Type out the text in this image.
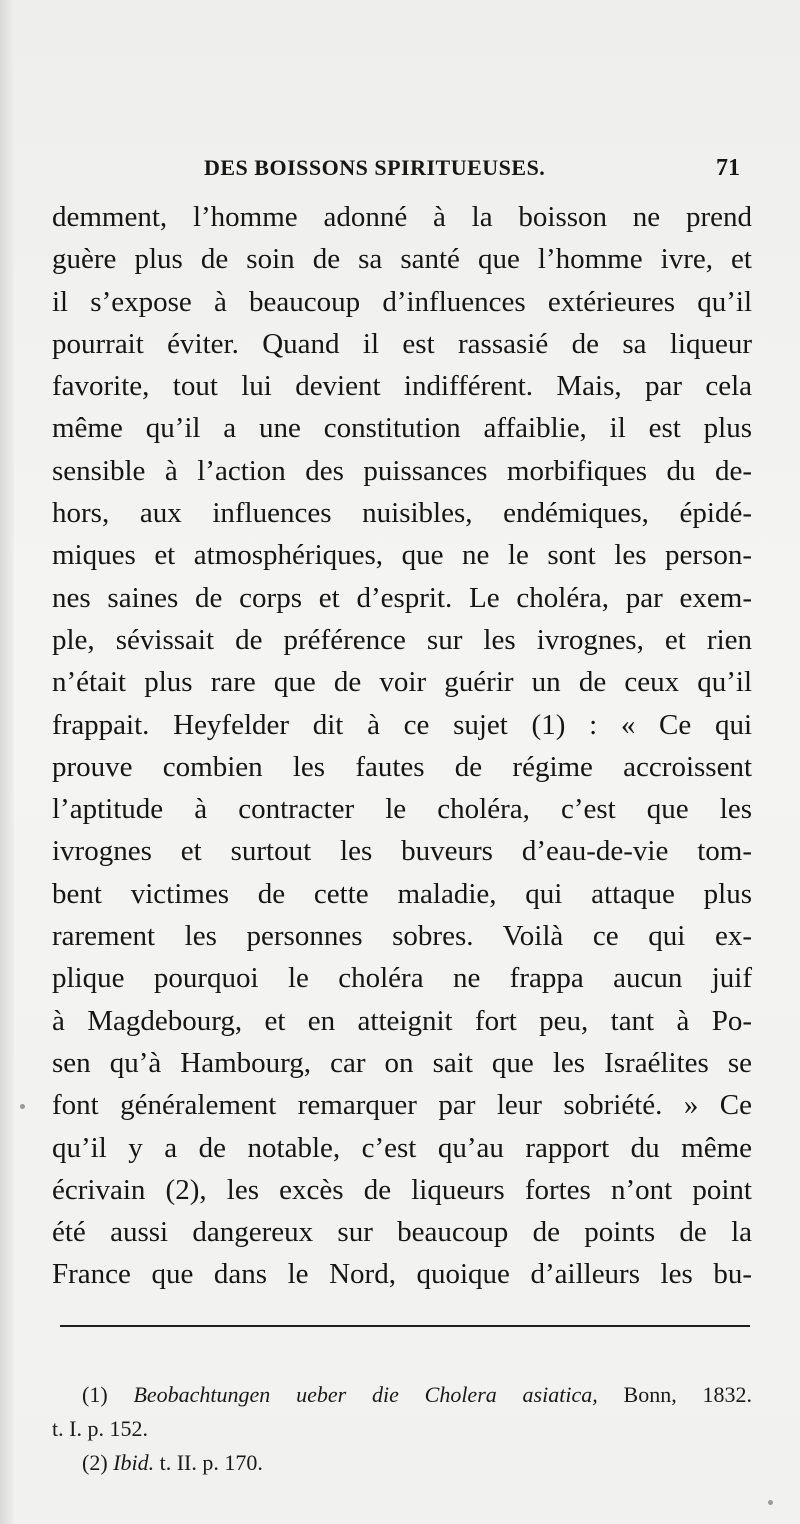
DES BOISSONS SPIRITUEUSES.	71
demment, l’homme adonné à la boisson ne prend
guère plus de soin de sa santé que l’homme ivre, et
il s’expose à beaucoup d’influences extérieures qu’il
pourrait éviter. Quand il est rassasié de sa liqueur
favorite, tout lui devient indifférent. Mais, par cela
même qu’il a une constitution affaiblie, il est plus
sensible à l’action des puissances morbifiques du de-
hors, aux influences nuisibles, endémiques, épidé-
miques et atmosphériques, que ne le sont les person-
nes saines de corps et d’esprit. Le choléra, par exem-
ple, sévissait de préférence sur les ivrognes, et rien
n’était plus rare que de voir guérir un de ceux qu’il
frappait. Heyfelder dit à ce sujet (1) : « Ce qui
prouve combien les fautes de régime accroissent
l’aptitude à contracter le choléra, c’est que les
ivrognes et surtout les buveurs d’eau-de-vie tom-
bent victimes de cette maladie, qui attaque plus
rarement les personnes sobres. Voilà ce qui ex-
plique pourquoi le choléra ne frappa aucun juif
à Magdebourg, et en atteignit fort peu, tant à Po-
sen qu’à Hambourg, car on sait que les Israélites se
font généralement remarquer par leur sobriété. » Ce
qu’il y a de notable, c’est qu’au rapport du même
écrivain (2), les excès de liqueurs fortes n’ont point
été aussi dangereux sur beaucoup de points de la
France que dans le Nord, quoique d’ailleurs les bu-
(1) Beobachtungen ueber die Cholera asiatica, Bonn, 1832.
t. I. p. 152.
(2) Ibid. t. II. p. 170.
